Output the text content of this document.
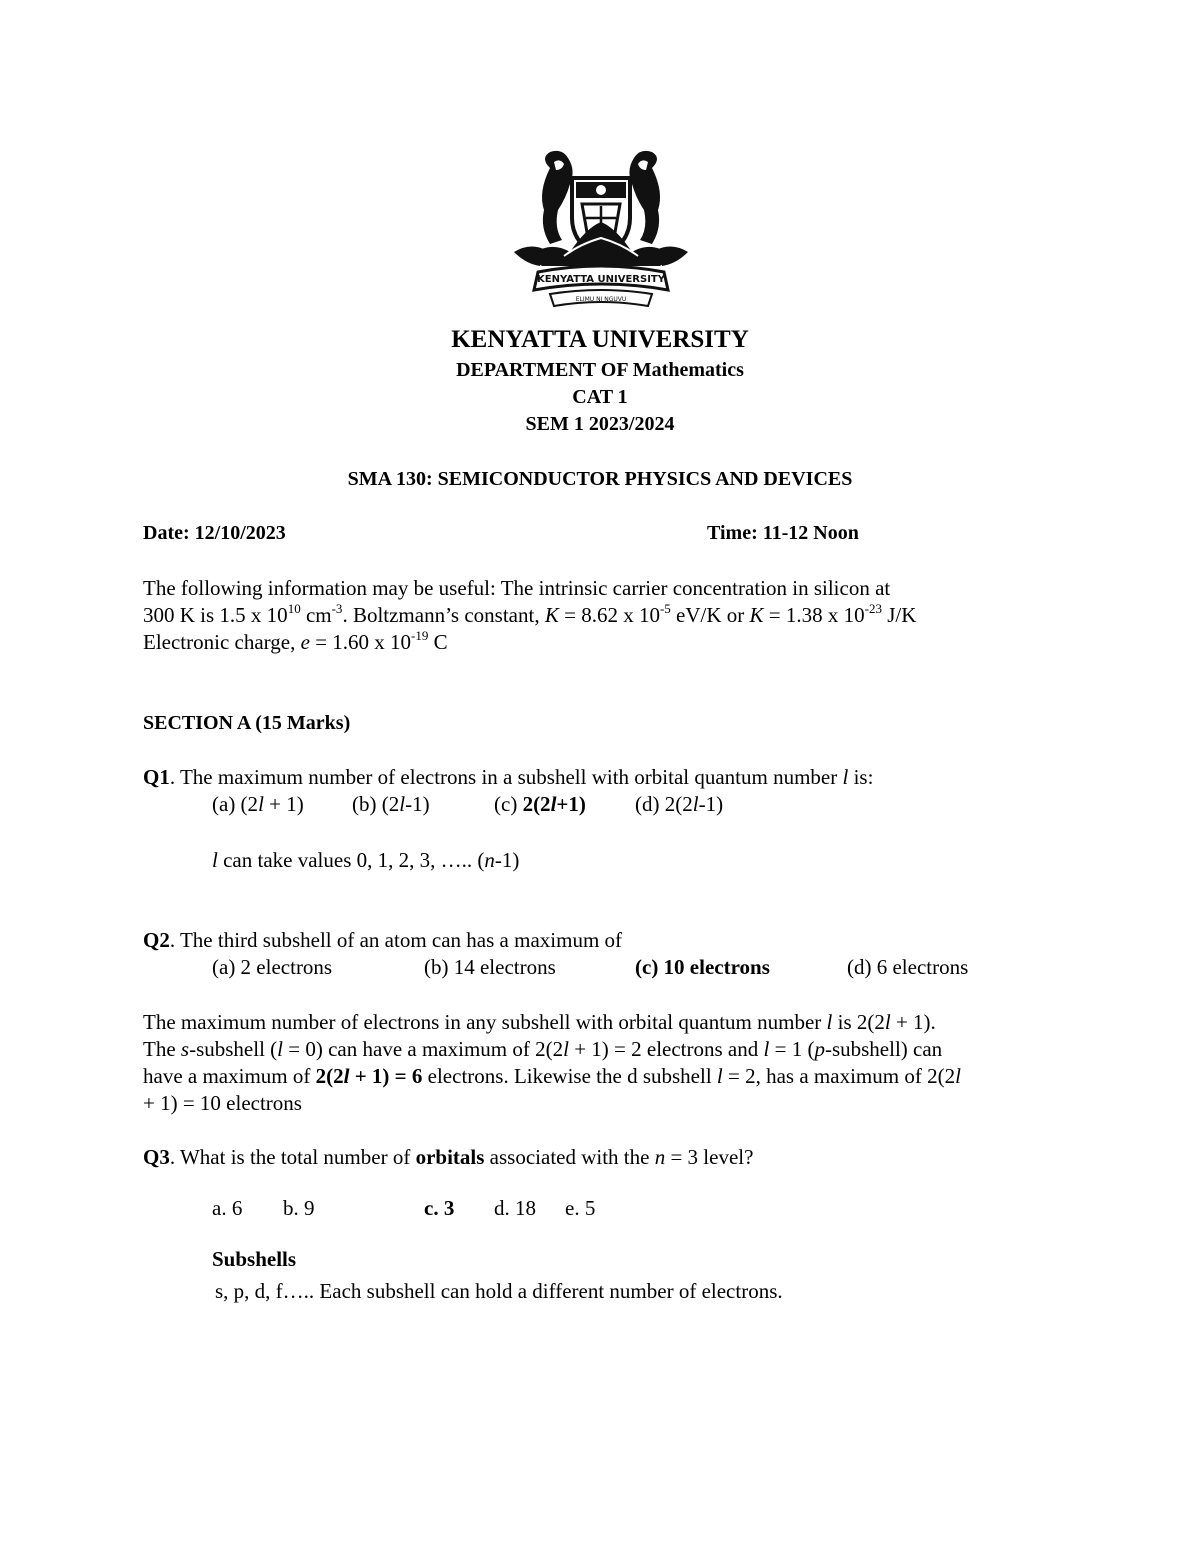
KENYATTA UNIVERSITY
ELIMU NI NGUVU
KENYATTA UNIVERSITY
DEPARTMENT OF Mathematics
CAT 1
SEM 1 2023/2024
SMA 130: SEMICONDUCTOR PHYSICS AND DEVICES
Date: 12/10/2023	Time: 11-12 Noon
The following information may be useful: The intrinsic carrier concentration in silicon at
300 K is 1.5 x $10^{10}$ $cm^{-3}$. Boltzmann’s constant, K = 8.62 x $10^{-5}$ eV/K or K = 1.38 x $10^{-23}$ J/K
Electronic charge, e = 1.60 x $10^{-19}$ C
SECTION A (15 Marks)
Q1. The maximum number of electrons in a subshell with orbital quantum number l is:
(a) (2l + 1) (b) (2l-1)	(c) 2(2l+1) (d) 2(2l-1)
l can take values 0, 1, 2, 3, ….. (n-1)
Q2. The third subshell of an atom can has a maximum of
(a) 2 electrons	(b) 14 electrons	(c) 10 electrons	(d) 6 electrons
The maximum number of electrons in any subshell with orbital quantum number l is 2(2l + 1).
The s-subshell (l = 0) can have a maximum of 2(2l + 1) = 2 electrons and l = 1 (p-subshell) can
have a maximum of 2(2l + 1) = 6 electrons. Likewise the d subshell l = 2, has a maximum of 2(2l
+ 1) = 10 electrons
Q3. What is the total number of orbitals associated with the n = 3 level?
a. 6 b. 9	c. 3 d. 18 e. 5
Subshells
s, p, d, f….. Each subshell can hold a different number of electrons.
